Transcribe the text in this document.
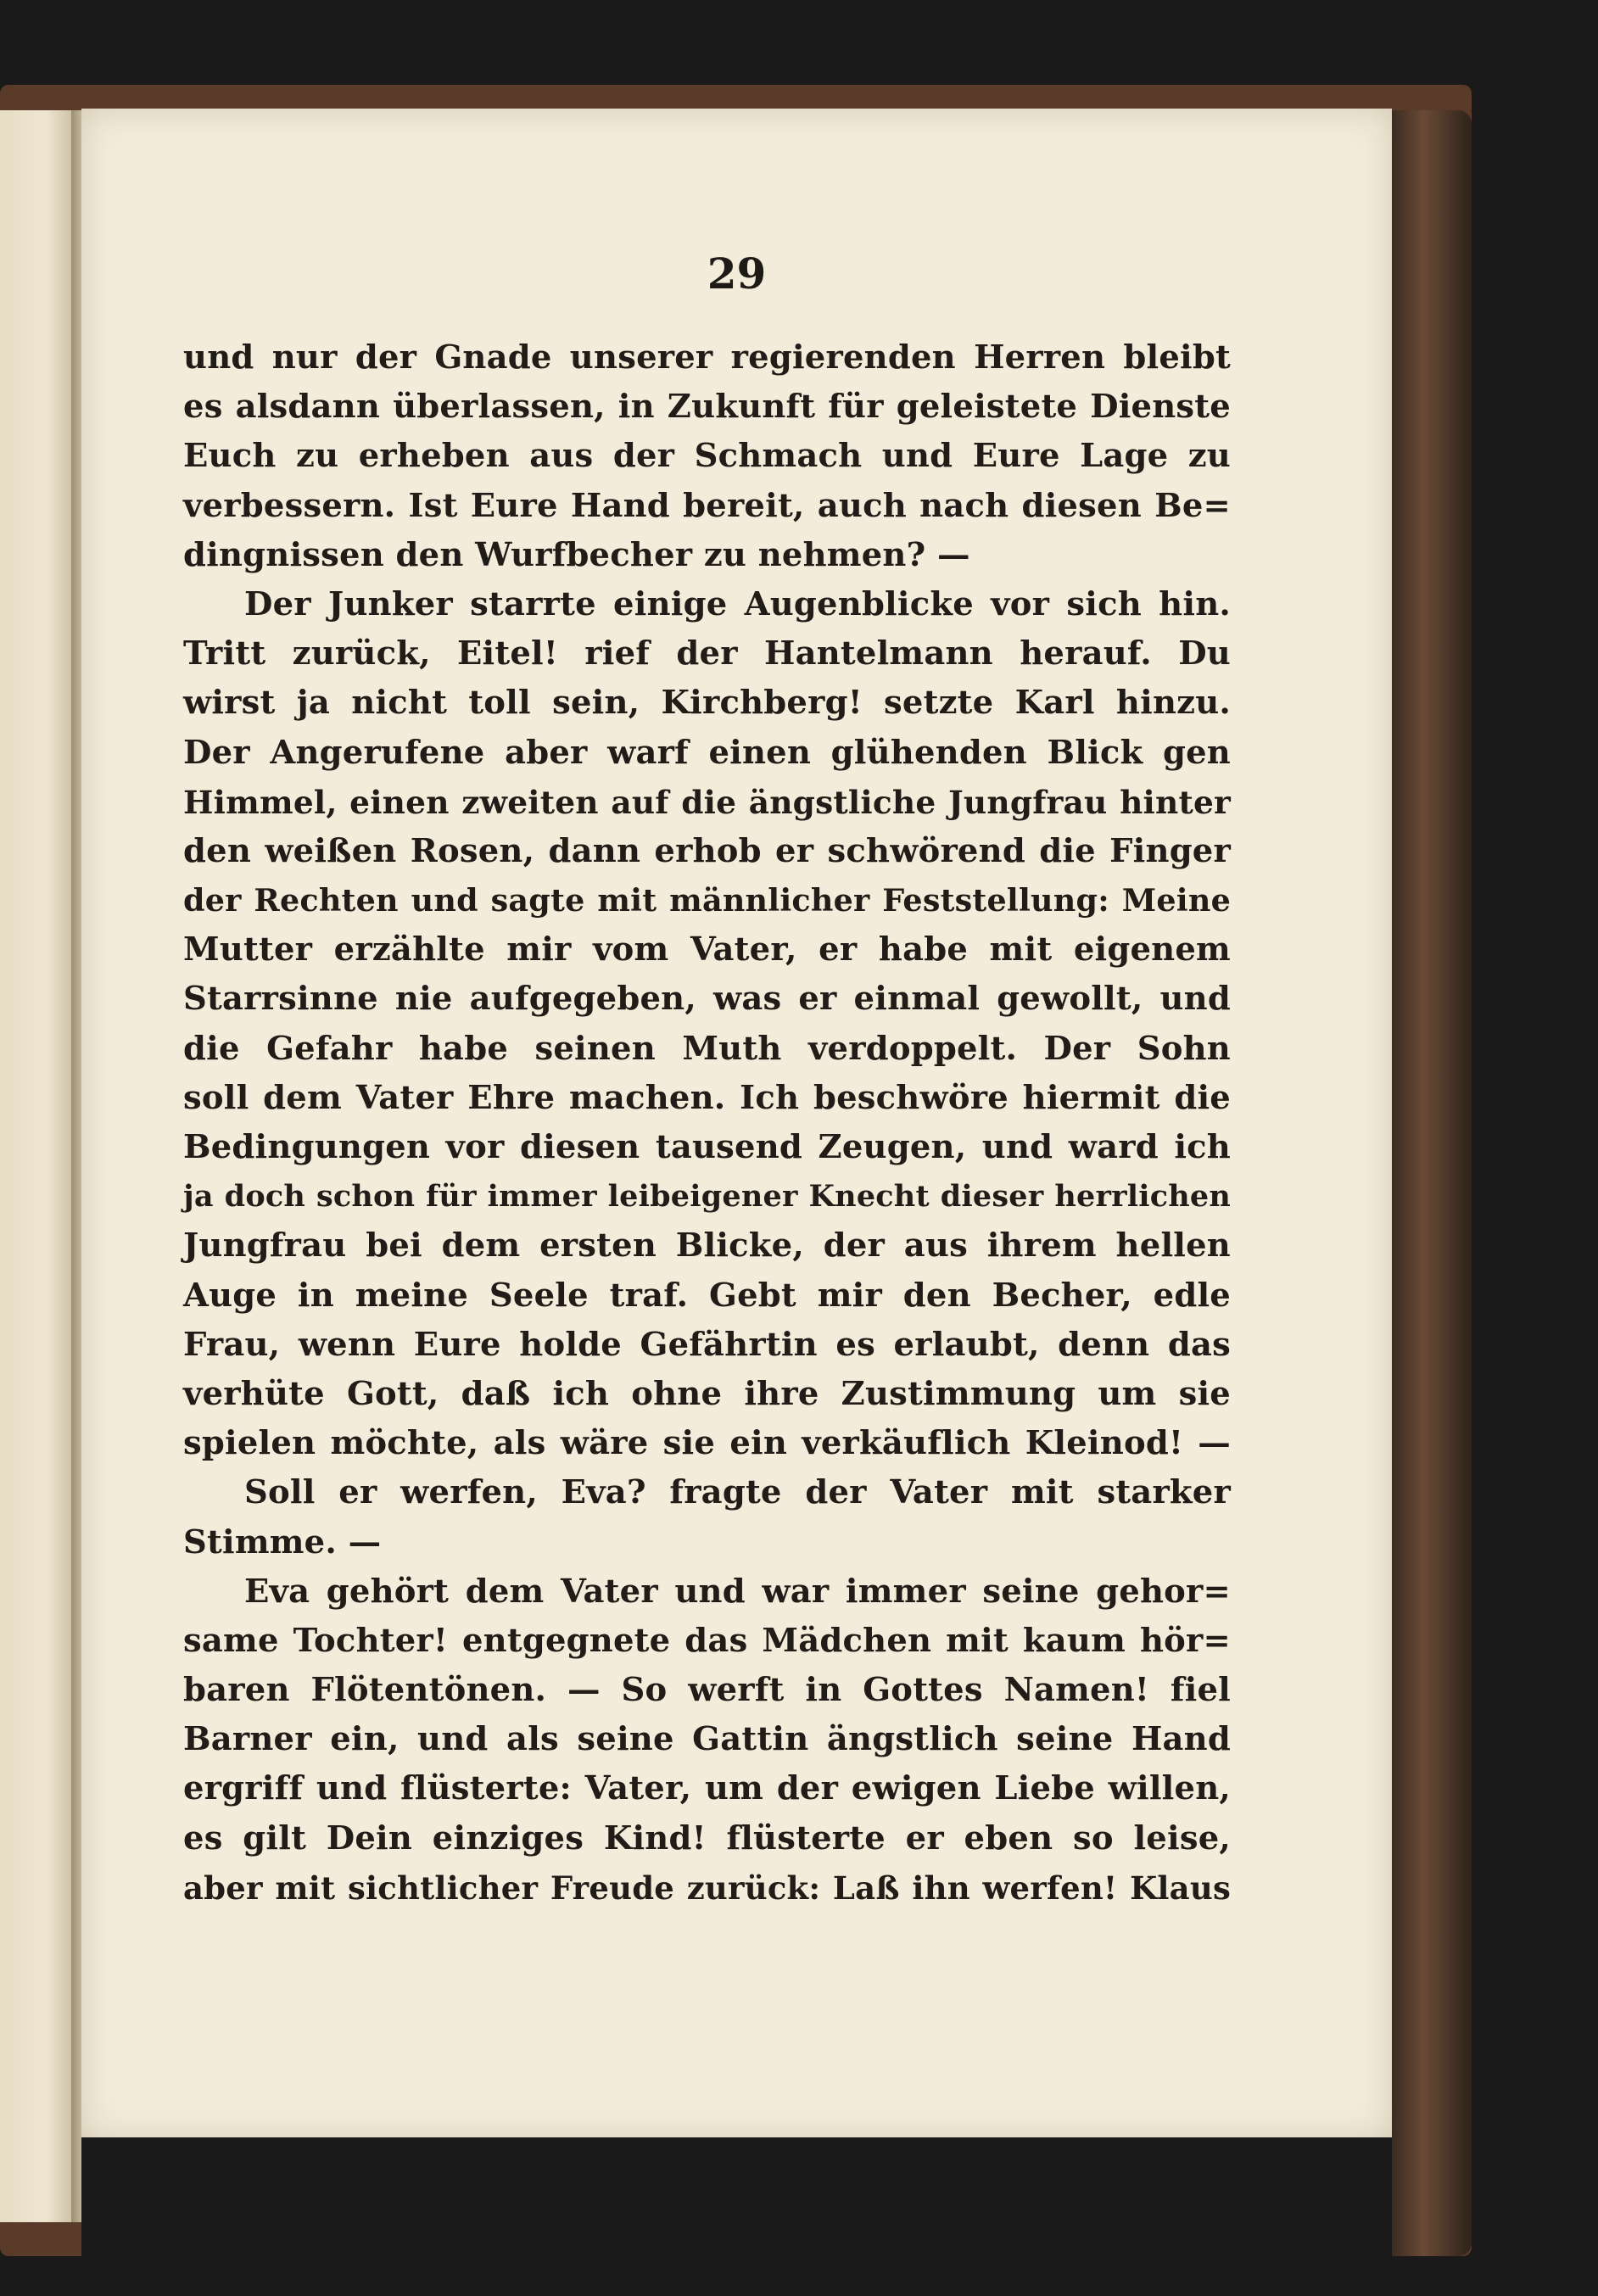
29
und nur der Gnade unserer regierenden Herren bleibt
es alsdann überlassen, in Zukunft für geleistete Dienste
Euch zu erheben aus der Schmach und Eure Lage zu
verbessern. Ist Eure Hand bereit, auch nach diesen Be=
dingnissen den Wurfbecher zu nehmen? —
Der Junker starrte einige Augenblicke vor sich hin.
Tritt zurück, Eitel! rief der Hantelmann herauf. Du
wirst ja nicht toll sein, Kirchberg! setzte Karl hinzu.
Der Angerufene aber warf einen glühenden Blick gen
Himmel, einen zweiten auf die ängstliche Jungfrau hinter
den weißen Rosen, dann erhob er schwörend die Finger
der Rechten und sagte mit männlicher Feststellung: Meine
Mutter erzählte mir vom Vater, er habe mit eigenem
Starrsinne nie aufgegeben, was er einmal gewollt, und
die Gefahr habe seinen Muth verdoppelt. Der Sohn
soll dem Vater Ehre machen. Ich beschwöre hiermit die
Bedingungen vor diesen tausend Zeugen, und ward ich
ja doch schon für immer leibeigener Knecht dieser herrlichen
Jungfrau bei dem ersten Blicke, der aus ihrem hellen
Auge in meine Seele traf. Gebt mir den Becher, edle
Frau, wenn Eure holde Gefährtin es erlaubt, denn das
verhüte Gott, daß ich ohne ihre Zustimmung um sie
spielen möchte, als wäre sie ein verkäuflich Kleinod! —
Soll er werfen, Eva? fragte der Vater mit starker
Stimme. —
Eva gehört dem Vater und war immer seine gehor=
same Tochter! entgegnete das Mädchen mit kaum hör=
baren Flötentönen. — So werft in Gottes Namen! fiel
Barner ein, und als seine Gattin ängstlich seine Hand
ergriff und flüsterte: Vater, um der ewigen Liebe willen,
es gilt Dein einziges Kind! flüsterte er eben so leise,
aber mit sichtlicher Freude zurück: Laß ihn werfen! Klaus
